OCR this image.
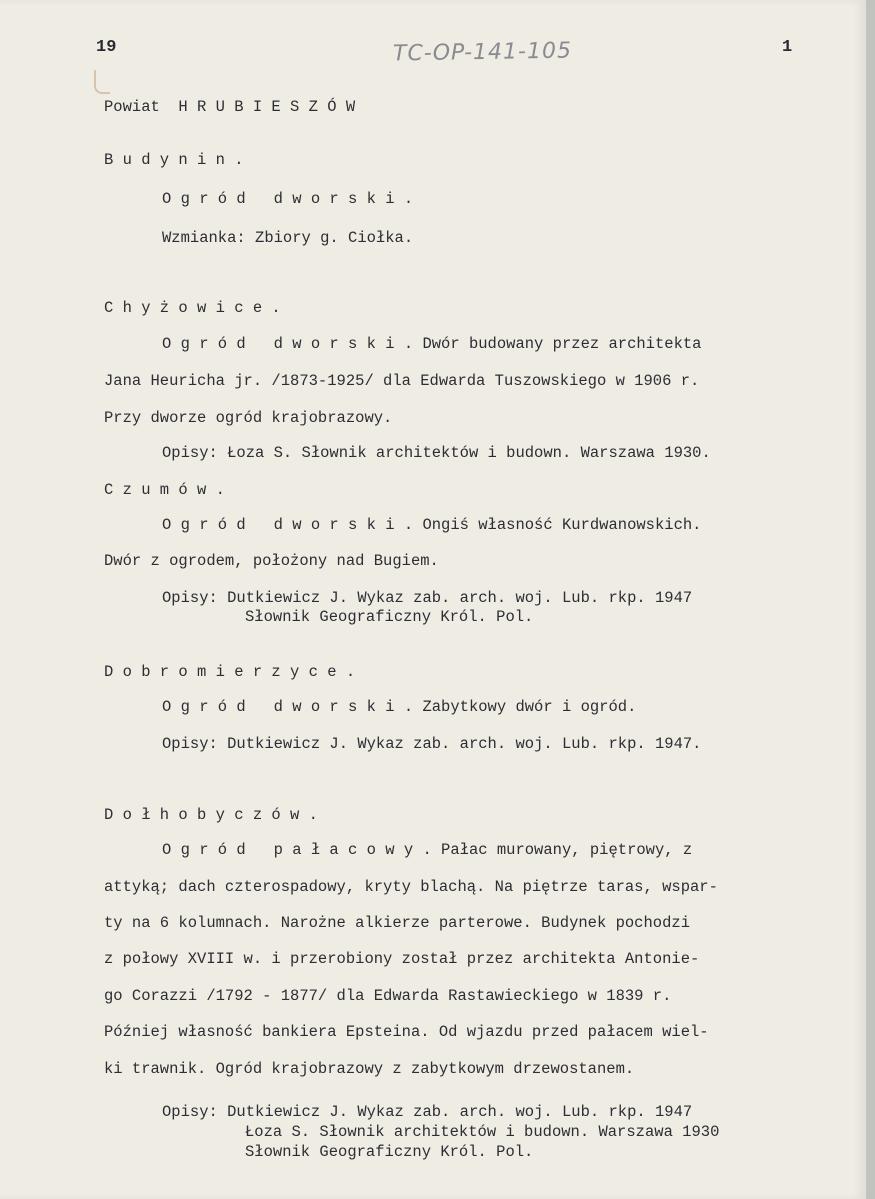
19	TC-OP-141-105	1
Powiat  H R U B I E S Z Ó W
B u d y n i n .
O g r ó d   d w o r s k i .
Wzmianka: Zbiory g. Ciołka.
C h y ż o w i c e .
O g r ó d   d w o r s k i . Dwór budowany przez architekta
Jana Heuricha jr. /1873-1925/ dla Edwarda Tuszowskiego w 1906 r.
Przy dworze ogród krajobrazowy.
Opisy: Łoza S. Słownik architektów i budown. Warszawa 1930.
C z u m ó w .
O g r ó d   d w o r s k i . Ongiś własność Kurdwanowskich.
Dwór z ogrodem, położony nad Bugiem.
Opisy: Dutkiewicz J. Wykaz zab. arch. woj. Lub. rkp. 1947
Słownik Geograficzny Król. Pol.
D o b r o m i e r z y c e .
O g r ó d   d w o r s k i . Zabytkowy dwór i ogród.
Opisy: Dutkiewicz J. Wykaz zab. arch. woj. Lub. rkp. 1947.
D o ł h o b y c z ó w .
O g r ó d   p a ł a c o w y . Pałac murowany, piętrowy, z
attyką; dach czterospadowy, kryty blachą. Na piętrze taras, wspar-
ty na 6 kolumnach. Narożne alkierze parterowe. Budynek pochodzi
z połowy XVIII w. i przerobiony został przez architekta Antonie-
go Corazzi /1792 - 1877/ dla Edwarda Rastawieckiego w 1839 r.
Później własność bankiera Epsteina. Od wjazdu przed pałacem wiel-
ki trawnik. Ogród krajobrazowy z zabytkowym drzewostanem.
Opisy: Dutkiewicz J. Wykaz zab. arch. woj. Lub. rkp. 1947
Łoza S. Słownik architektów i budown. Warszawa 1930
Słownik Geograficzny Król. Pol.
